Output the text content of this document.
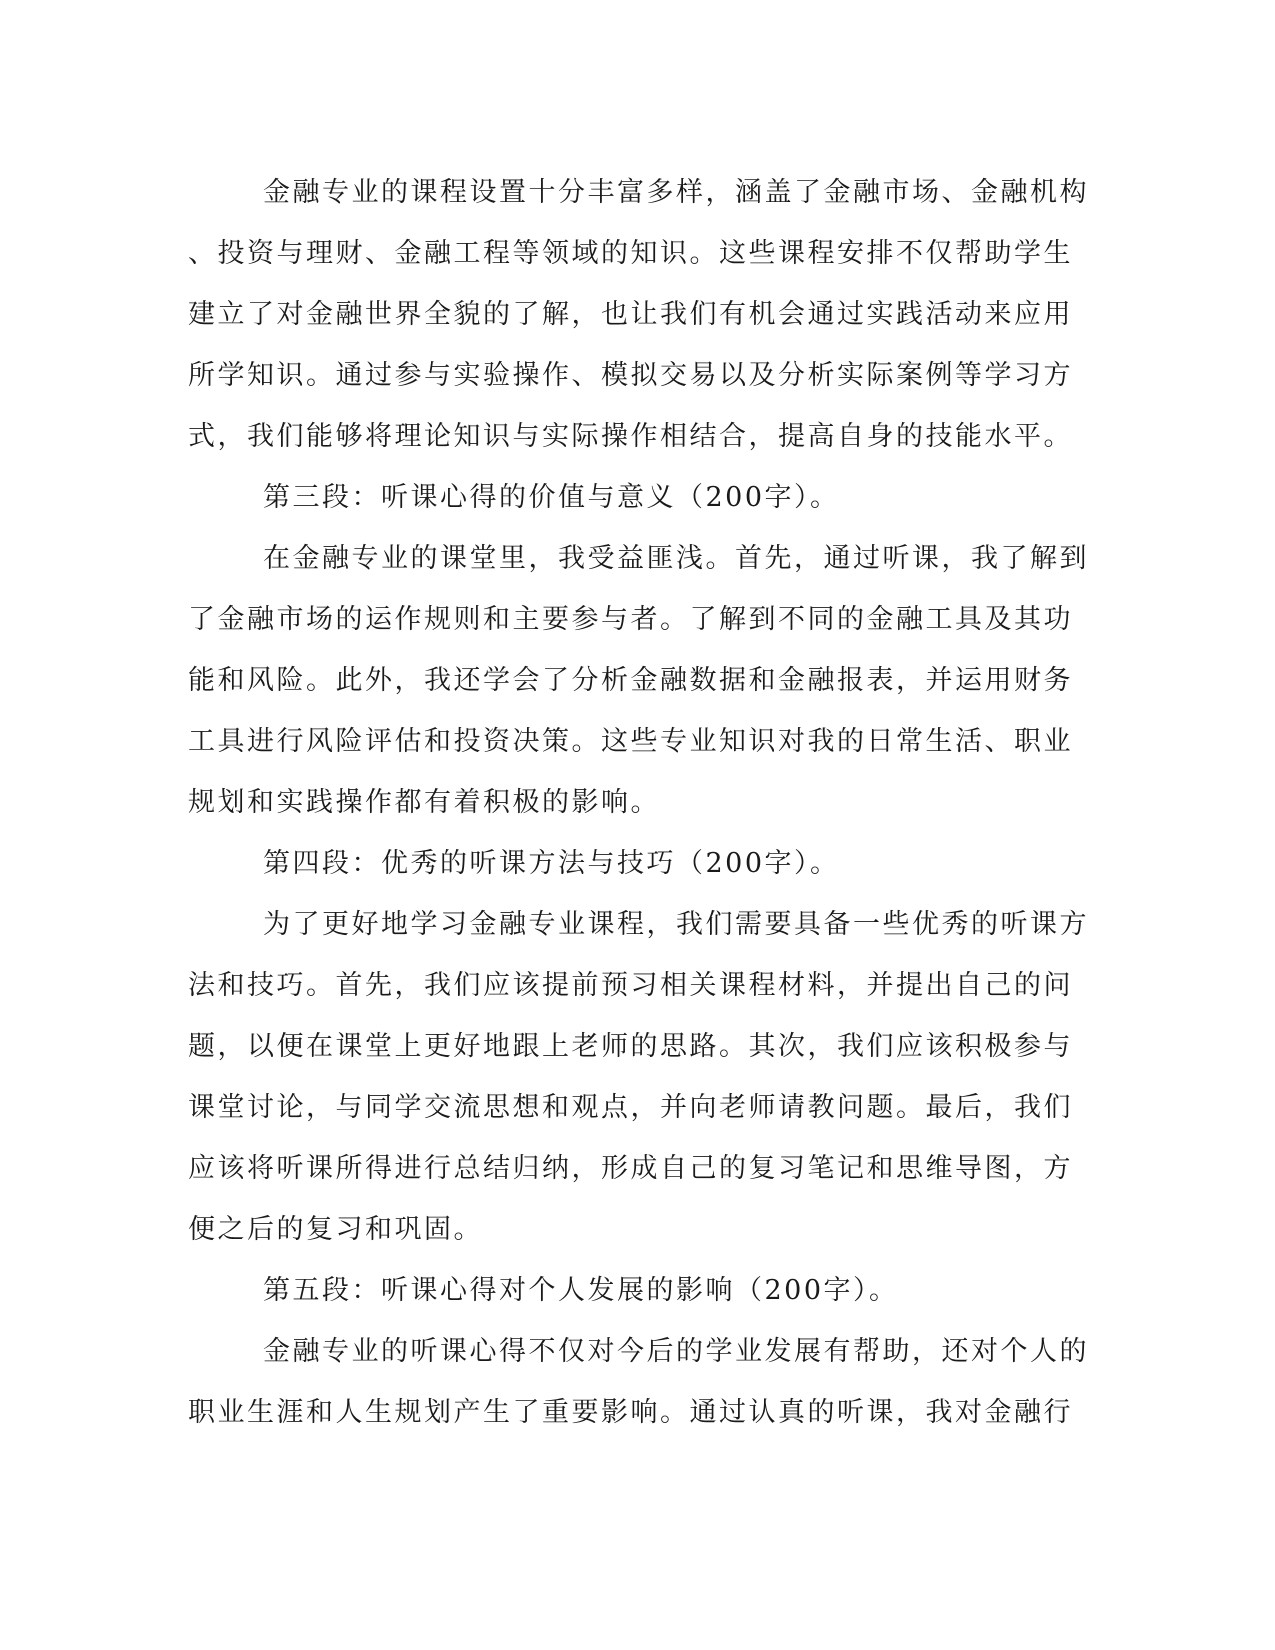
金融专业的课程设置十分丰富多样，涵盖了金融市场、金融机构
、投资与理财、金融工程等领域的知识。这些课程安排不仅帮助学生
建立了对金融世界全貌的了解，也让我们有机会通过实践活动来应用
所学知识。通过参与实验操作、模拟交易以及分析实际案例等学习方
式，我们能够将理论知识与实际操作相结合，提高自身的技能水平。
第三段：听课心得的价值与意义（200字）。
在金融专业的课堂里，我受益匪浅。首先，通过听课，我了解到
了金融市场的运作规则和主要参与者。了解到不同的金融工具及其功
能和风险。此外，我还学会了分析金融数据和金融报表，并运用财务
工具进行风险评估和投资决策。这些专业知识对我的日常生活、职业
规划和实践操作都有着积极的影响。
第四段：优秀的听课方法与技巧（200字）。
为了更好地学习金融专业课程，我们需要具备一些优秀的听课方
法和技巧。首先，我们应该提前预习相关课程材料，并提出自己的问
题，以便在课堂上更好地跟上老师的思路。其次，我们应该积极参与
课堂讨论，与同学交流思想和观点，并向老师请教问题。最后，我们
应该将听课所得进行总结归纳，形成自己的复习笔记和思维导图，方
便之后的复习和巩固。
第五段：听课心得对个人发展的影响（200字）。
金融专业的听课心得不仅对今后的学业发展有帮助，还对个人的
职业生涯和人生规划产生了重要影响。通过认真的听课，我对金融行
